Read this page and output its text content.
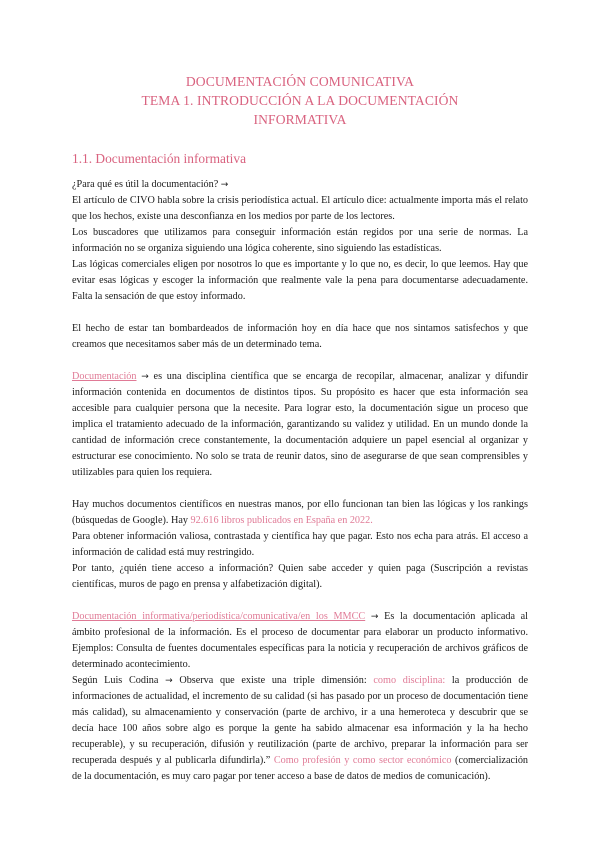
DOCUMENTACIÓN COMUNICATIVA
TEMA 1. INTRODUCCIÓN A LA DOCUMENTACIÓN
INFORMATIVA
1.1. Documentación informativa

¿Para qué es útil la documentación? →

El artículo de CIVO habla sobre la crisis periodística actual. El artículo dice: actualmente importa más el relato que los hechos, existe una desconfianza en los medios por parte de los lectores.

Los buscadores que utilizamos para conseguir información están regidos por una serie de normas. La información no se organiza siguiendo una lógica coherente, sino siguiendo las estadísticas.

Las lógicas comerciales eligen por nosotros lo que es importante y lo que no, es decir, lo que leemos. Hay que evitar esas lógicas y escoger la información que realmente vale la pena para documentarse adecuadamente. Falta la sensación de que estoy informado.

El hecho de estar tan bombardeados de información hoy en día hace que nos sintamos satisfechos y que creamos que necesitamos saber más de un determinado tema.

Documentación → es una disciplina científica que se encarga de recopilar, almacenar, analizar y difundir información contenida en documentos de distintos tipos. Su propósito es hacer que esta información sea accesible para cualquier persona que la necesite. Para lograr esto, la documentación sigue un proceso que implica el tratamiento adecuado de la información, garantizando su validez y utilidad. En un mundo donde la cantidad de información crece constantemente, la documentación adquiere un papel esencial al organizar y estructurar ese conocimiento. No solo se trata de reunir datos, sino de asegurarse de que sean comprensibles y utilizables para quien los requiera.

Hay muchos documentos científicos en nuestras manos, por ello funcionan tan bien las lógicas y los rankings (búsquedas de Google). Hay 92.616 libros publicados en España en 2022.

Para obtener información valiosa, contrastada y científica hay que pagar. Esto nos echa para atrás. El acceso a información de calidad está muy restringido.

Por tanto, ¿quién tiene acceso a información? Quien sabe acceder y quien paga (Suscripción a revistas científicas, muros de pago en prensa y alfabetización digital).

Documentación informativa/periodística/comunicativa/en los MMCC → Es la documentación aplicada al ámbito profesional de la información. Es el proceso de documentar para elaborar un producto informativo. Ejemplos: Consulta de fuentes documentales específicas para la noticia y recuperación de archivos gráficos de determinado acontecimiento.

Según Luis Codina → Observa que existe una triple dimensión: como disciplina: la producción de informaciones de actualidad, el incremento de su calidad (si has pasado por un proceso de documentación tiene más calidad), su almacenamiento y conservación (parte de archivo, ir a una hemeroteca y descubrir que se decía hace 100 años sobre algo es porque la gente ha sabido almacenar esa información y la ha hecho recuperable), y su recuperación, difusión y reutilización (parte de archivo, preparar la información para ser recuperada después y al publicarla difundirla).” Como profesión y como sector económico (comercialización de la documentación, es muy caro pagar por tener acceso a base de datos de medios de comunicación).
